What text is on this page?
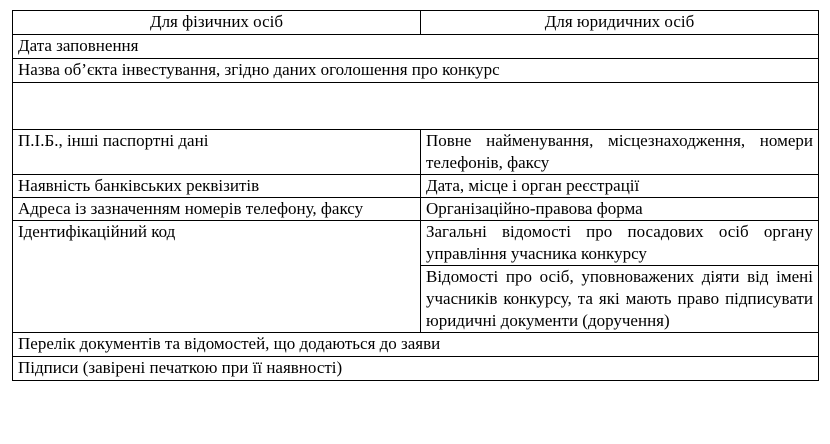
Для фізичних осіб	Для юридичних осіб
Дата заповнення	
Назва об’єкта інвестування, згідно даних оголошення про конкурс	

П.І.Б., інші паспортні дані	Повне найменування, місцезнаходження, номери телефонів, факсу
Наявність банківських реквізитів	Дата, місце і орган реєстрації
Адреса із зазначенням номерів телефону, факсу	Організаційно-правова форма
Ідентифікаційний код	Загальні відомості про посадових осіб органу управління учасника конкурсу
	Відомості про осіб, уповноважених діяти від імені учасників конкурсу, та які мають право підписувати юридичні документи (доручення)
Перелік документів та відомостей, що додаються до заяви	
Підписи (завірені печаткою при її наявності)	
